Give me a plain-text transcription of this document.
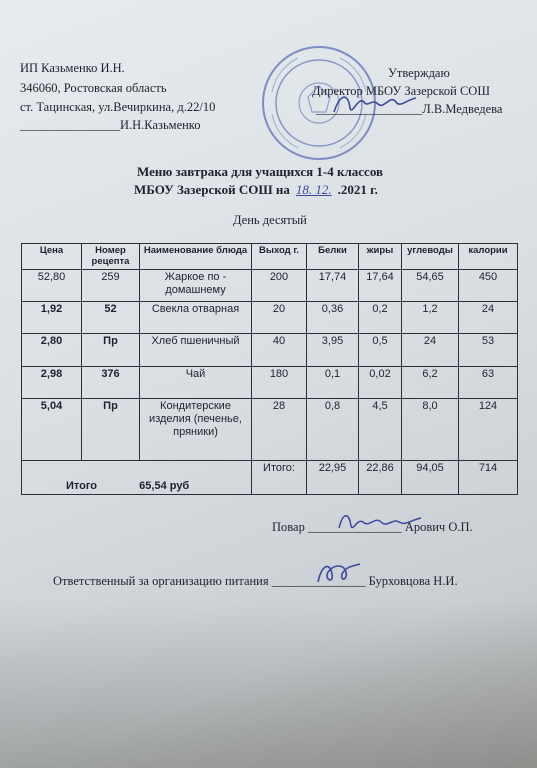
ИП Казьменко И.Н.
346060, Ростовская область
ст. Тацинская, ул.Вечиркина, д.22/10
________________И.Н.Казьменко
Утверждаю
Директор МБОУ Зазерской СОШ
_________________Л.В.Медведева
Меню завтрака для учащихся 1-4 классов
МБОУ Зазерской СОШ на 18. 12. .2021 г.
День десятый
Цена	Номер рецепта	Наименование блюда	Выход г.	Белки	жиры	углеводы	калории
52,80	259	Жаркое по - домашнему	200	17,74	17,64	54,65	450
1,92	52	Свекла отварная	20	0,36	0,2	1,2	24
2,80	Пр	Хлеб пшеничный	40	3,95	0,5	24	53
2,98	376	Чай	180	0,1	0,02	6,2	63
5,04	Пр	Кондитерские изделия (печенье, пряники)	28	0,8	4,5	8,0	124
Итого 65,54 руб			Итого:	22,95	22,86	94,05	714
Повар _______________ Арович О.П.
Ответственный за организацию питания _______________ Бурховцова Н.И.
